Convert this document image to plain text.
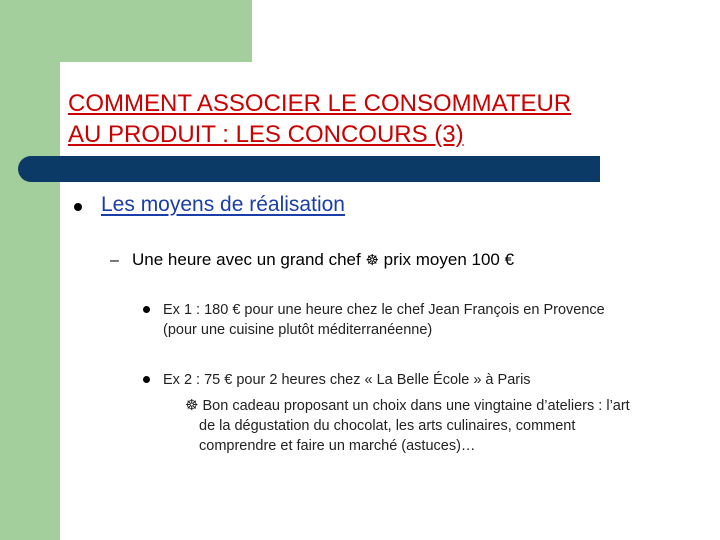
COMMENT ASSOCIER LE CONSOMMATEUR
AU PRODUIT : LES CONCOURS (3)
Les moyens de réalisation
– Une heure avec un grand chef ☸ prix moyen 100 €
Ex 1 : 180 € pour une heure chez le chef Jean François en Provence
(pour une cuisine plutôt méditerranéenne)
Ex 2 : 75 € pour 2 heures chez « La Belle École » à Paris
☸ Bon cadeau proposant un choix dans une vingtaine d’ateliers : l’art
de la dégustation du chocolat, les arts culinaires, comment
comprendre et faire un marché (astuces)…
